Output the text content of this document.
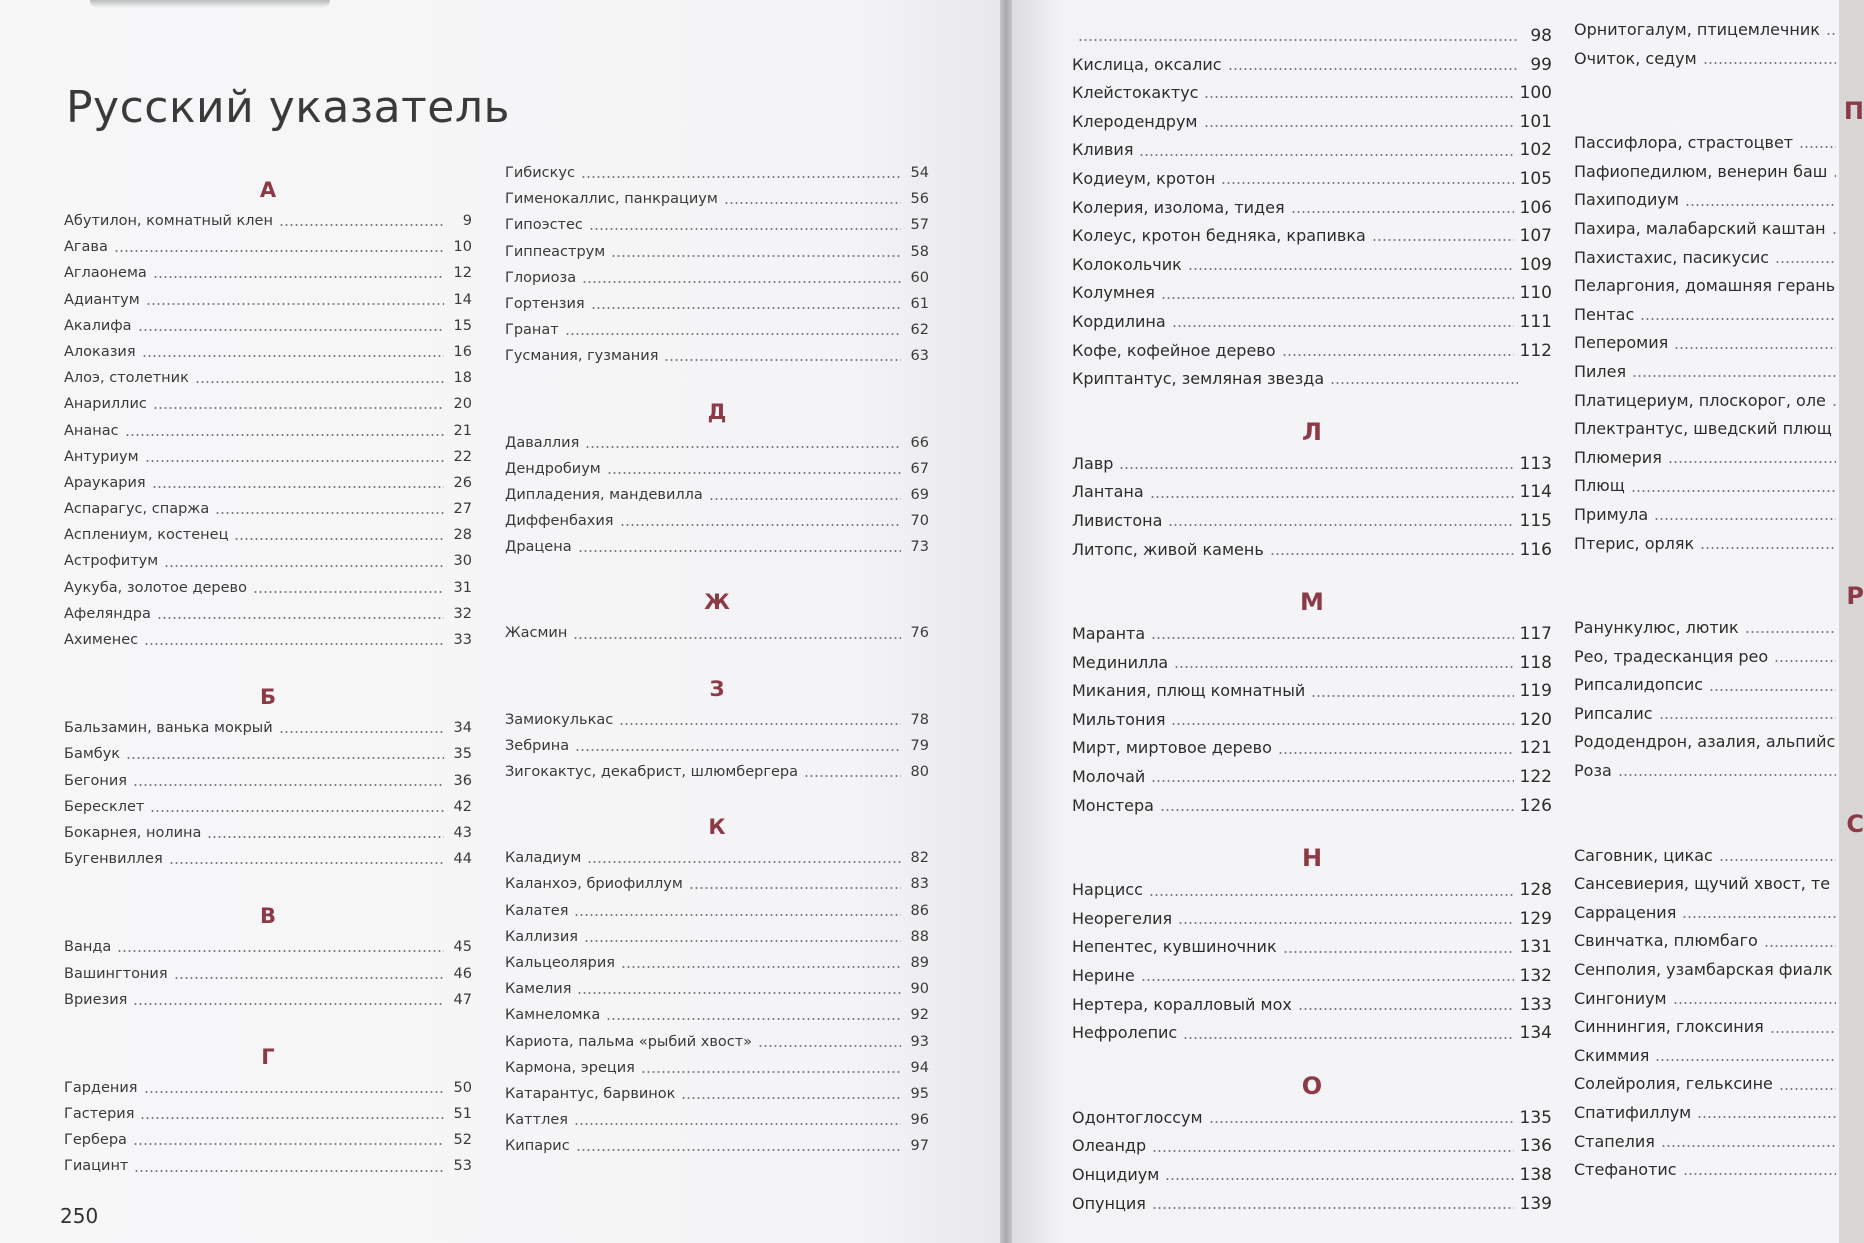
Русский указатель
А
Абутилон, комнатный клен	9
Агава	10
Аглаонема	12
Адиантум	14
Акалифа	15
Алоказия	16
Алоэ, столетник	18
Анариллис	20
Ананас	21
Антуриум	22
Араукария	26
Аспарагус, спаржа	27
Асплениум, костенец	28
Астрофитум	30
Аукуба, золотое дерево	31
Афеляндра	32
Ахименес	33
Б
Бальзамин, ванька мокрый	34
Бамбук	35
Бегония	36
Бересклет	42
Бокарнея, нолина	43
Бугенвиллея	44
В
Ванда	45
Вашингтония	46
Вриезия	47
Г
Гардения	50
Гастерия	51
Гербера	52
Гиацинт	53
Гибискус	54
Гименокаллис, панкрациум	56
Гипоэстес	57
Гиппеаструм	58
Глориоза	60
Гортензия	61
Гранат	62
Гусмания, гузмания	63
Д
Даваллия	66
Дендробиум	67
Дипладения, мандевилла	69
Диффенбахия	70
Драцена	73
Ж
Жасмин	76
З
Замиокулькас	78
Зебрина	79
Зигокактус, декабрист, шлюмбергера	80
К
Каладиум	82
Каланхоэ, бриофиллум	83
Калатея	86
Каллизия	88
Кальцеолярия	89
Камелия	90
Камнеломка	92
Кариота, пальма «рыбий хвост»	93
Кармона, эреция	94
Катарантус, барвинок	95
Каттлея	96
Кипарис	97
250
98
Кислица, оксалис	99
Клейстокактус	100
Клеродендрум	101
Кливия	102
Кодиеум, кротон	105
Колерия, изолома, тидея	106
Колеус, кротон бедняка, крапивка	107
Колокольчик	109
Колумнея	110
Кордилина	111
Кофе, кофейное дерево	112
Криптантус, земляная звезда
Л
Лавр	113
Лантана	114
Ливистона	115
Литопс, живой камень	116
М
Маранта	117
Мединилла	118
Микания, плющ комнатный	119
Мильтония	120
Мирт, миртовое дерево	121
Молочай	122
Монстера	126
Н
Нарцисс	128
Неорегелия	129
Непентес, кувшиночник	131
Нерине	132
Нертера, коралловый мох	133
Нефролепис	134
О
Одонтоглоссум	135
Олеандр	136
Онцидиум	138
Опунция	139
Орнитогалум, птицемлечник
Очиток, седум
П
Пассифлора, страстоцвет
Пафиопедилюм, венерин баш
Пахиподиум
Пахира, малабарский каштан
Пахистахис, пасикусис
Пеларгония, домашняя герань
Пентас
Пеперомия
Пилея
Платицериум, плоскорог, оле
Плектрантус, шведский плющ
Плюмерия
Плющ
Примула
Птерис, орляк
Р
Ранункулюс, лютик
Рео, традесканция рео
Рипсалидопсис
Рипсалис
Рододендрон, азалия, альпийс
Роза
С
Саговник, цикас
Сансевиерия, щучий хвост, те
Саррацения
Свинчатка, плюмбаго
Сенполия, узамбарская фиалк
Сингониум
Синнингия, глоксиния
Скиммия
Солейролия, гельксине
Спатифиллум
Стапелия
Стефанотис
